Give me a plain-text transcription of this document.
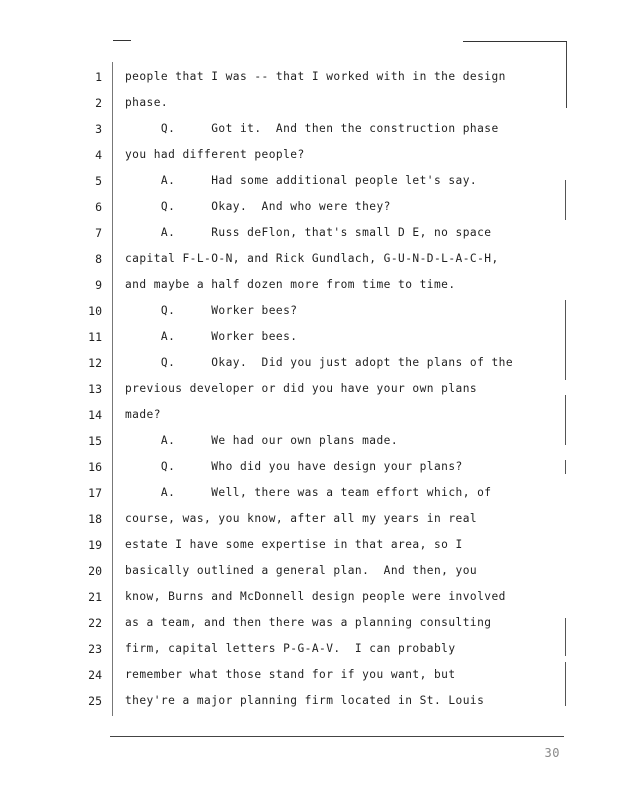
1 people that I was -- that I worked with in the design
2 phase.
3 Q.     Got it.  And then the construction phase
4 you had different people?
5 A.     Had some additional people let's say.
6 Q.     Okay.  And who were they?
7 A.     Russ deFlon, that's small D E, no space
8 capital F-L-O-N, and Rick Gundlach, G-U-N-D-L-A-C-H,
9 and maybe a half dozen more from time to time.
10 Q.     Worker bees?
11 A.     Worker bees.
12 Q.     Okay.  Did you just adopt the plans of the
13 previous developer or did you have your own plans
14 made?
15 A.     We had our own plans made.
16 Q.     Who did you have design your plans?
17 A.     Well, there was a team effort which, of
18 course, was, you know, after all my years in real
19 estate I have some expertise in that area, so I
20 basically outlined a general plan.  And then, you
21 know, Burns and McDonnell design people were involved
22 as a team, and then there was a planning consulting
23 firm, capital letters P-G-A-V.  I can probably
24 remember what those stand for if you want, but
25 they're a major planning firm located in St. Louis
30
